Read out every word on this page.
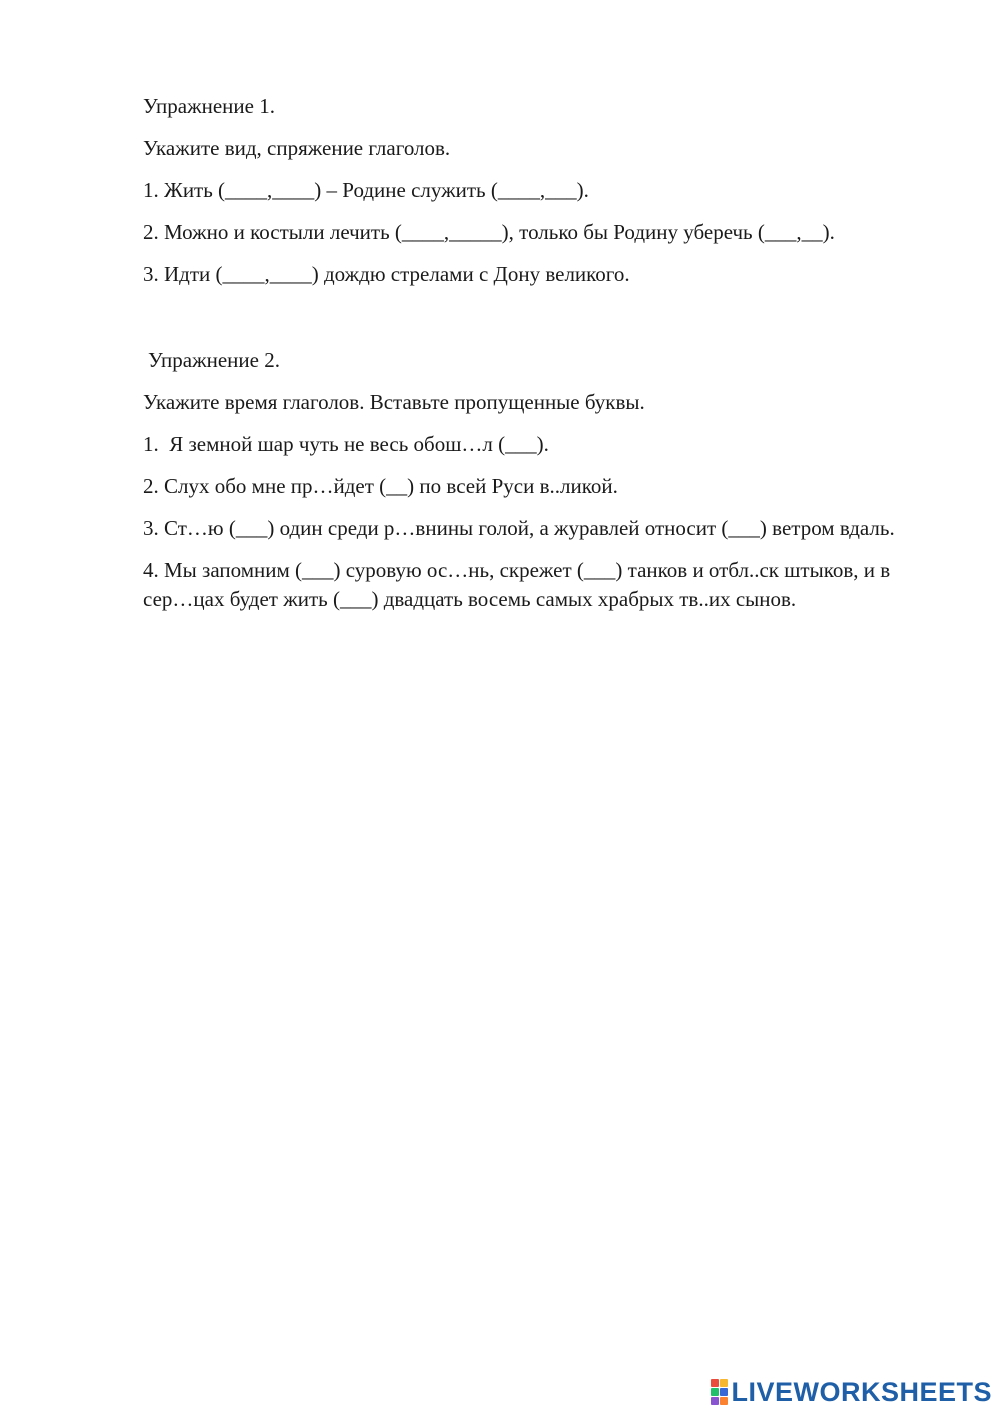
Упражнение 1.
Укажите вид, спряжение глаголов.
1. Жить (____,____) – Родине служить (____,___).
2. Можно и костыли лечить (____,_____), только бы Родину уберечь (___,__).
3. Идти (____,____) дождю стрелами с Дону великого.
Упражнение 2.
Укажите время глаголов. Вставьте пропущенные буквы.
1.  Я земной шар чуть не весь обош…л (___).
2. Слух обо мне пр…йдет (__) по всей Руси в..ликой.
3. Ст…ю (___) один среди р…внины голой, а журавлей относит (___) ветром вдаль.
4. Мы запомним (___) суровую ос…нь, скрежет (___) танков и отбл..ск штыков, и в сер…цах будет жить (___) двадцать восемь самых храбрых тв..их сынов.
LIVEWORKSHEETS
